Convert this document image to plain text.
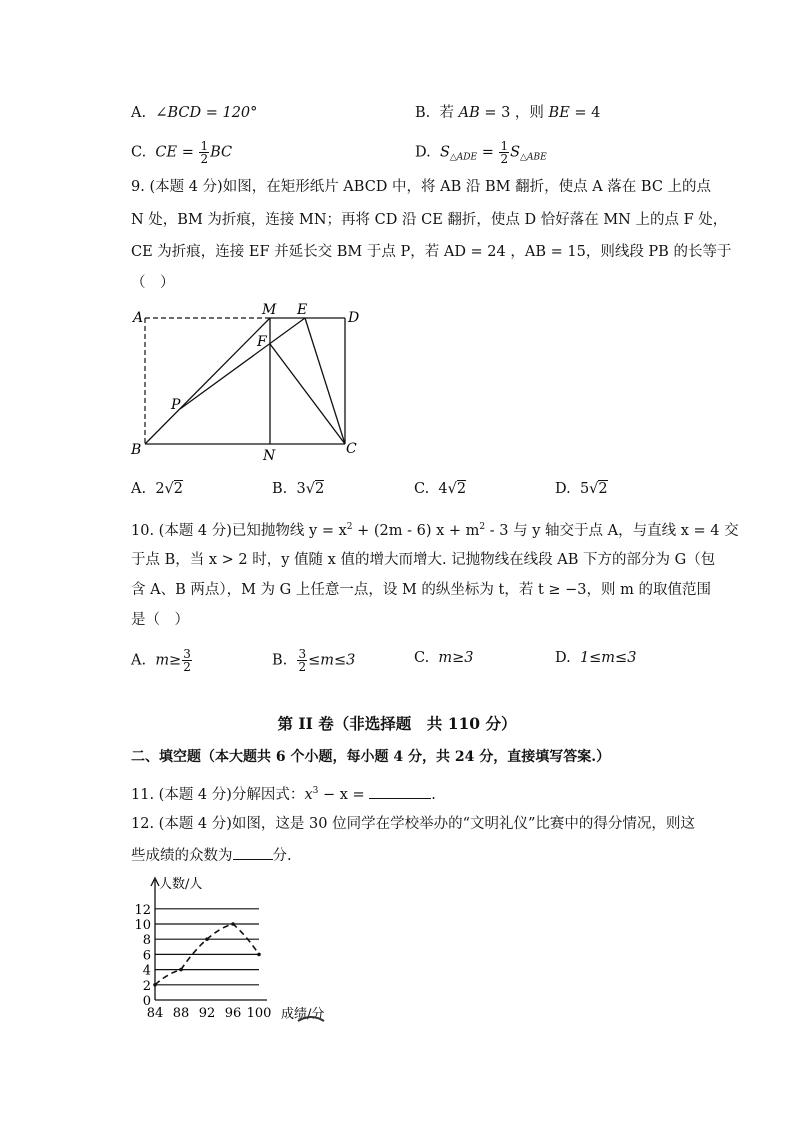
A. ∠BCD = 120°	B. 若 AB = 3 ，则 BE = 4
C. CE = $\frac{1}{2}$ BC	D. $S_{\triangle ADE} = \frac{1}{2} S_{\triangle ABE}$
9. (本题 4 分)如图，在矩形纸片 ABCD 中，将 AB 沿 BM 翻折，使点 A 落在 BC 上的点
N 处，BM 为折痕，连接 MN；再将 CD 沿 CE 翻折，使点 D 恰好落在 MN 上的点 F 处，
CE 为折痕，连接 EF 并延长交 BM 于点 P，若 AD = 24 ，AB = 15，则线段 PB 的长等于
（　）
A	M E	D
F
P
B	N	C
A. 2√2	B. 3√2	C. 4√2	D. 5√2
10. (本题 4 分)已知抛物线 $y = x^2 + (2m - 6) x + m^2 - 3$ 与 y 轴交于点 A，与直线 x = 4 交
于点 B，当 x > 2 时，y 值随 x 值的增大而增大. 记抛物线在线段 AB 下方的部分为 G（包
含 A、B 两点），M 为 G 上任意一点，设 M 的纵坐标为 t，若 t ≥ −3，则 m 的取值范围
是（　）
A. $m\ge \frac{3}{2}$	B. $\frac{3}{2} \le m\le 3$	C. m≥3	D. 1≤m≤3
第 II 卷（非选择题　共 110 分）
二、填空题（本大题共 6 个小题，每小题 4 分，共 24 分，直接填写答案.）
11. (本题 4 分)分解因式：$x^3 - x$ =	.
12. (本题 4 分)如图，这是 30 位同学在学校举办的“文明礼仪”比赛中的得分情况，则这
些成绩的众数为	分.
0
2
4
6
8
10
12
84 88 92 96 100
人数/人
成绩/分
